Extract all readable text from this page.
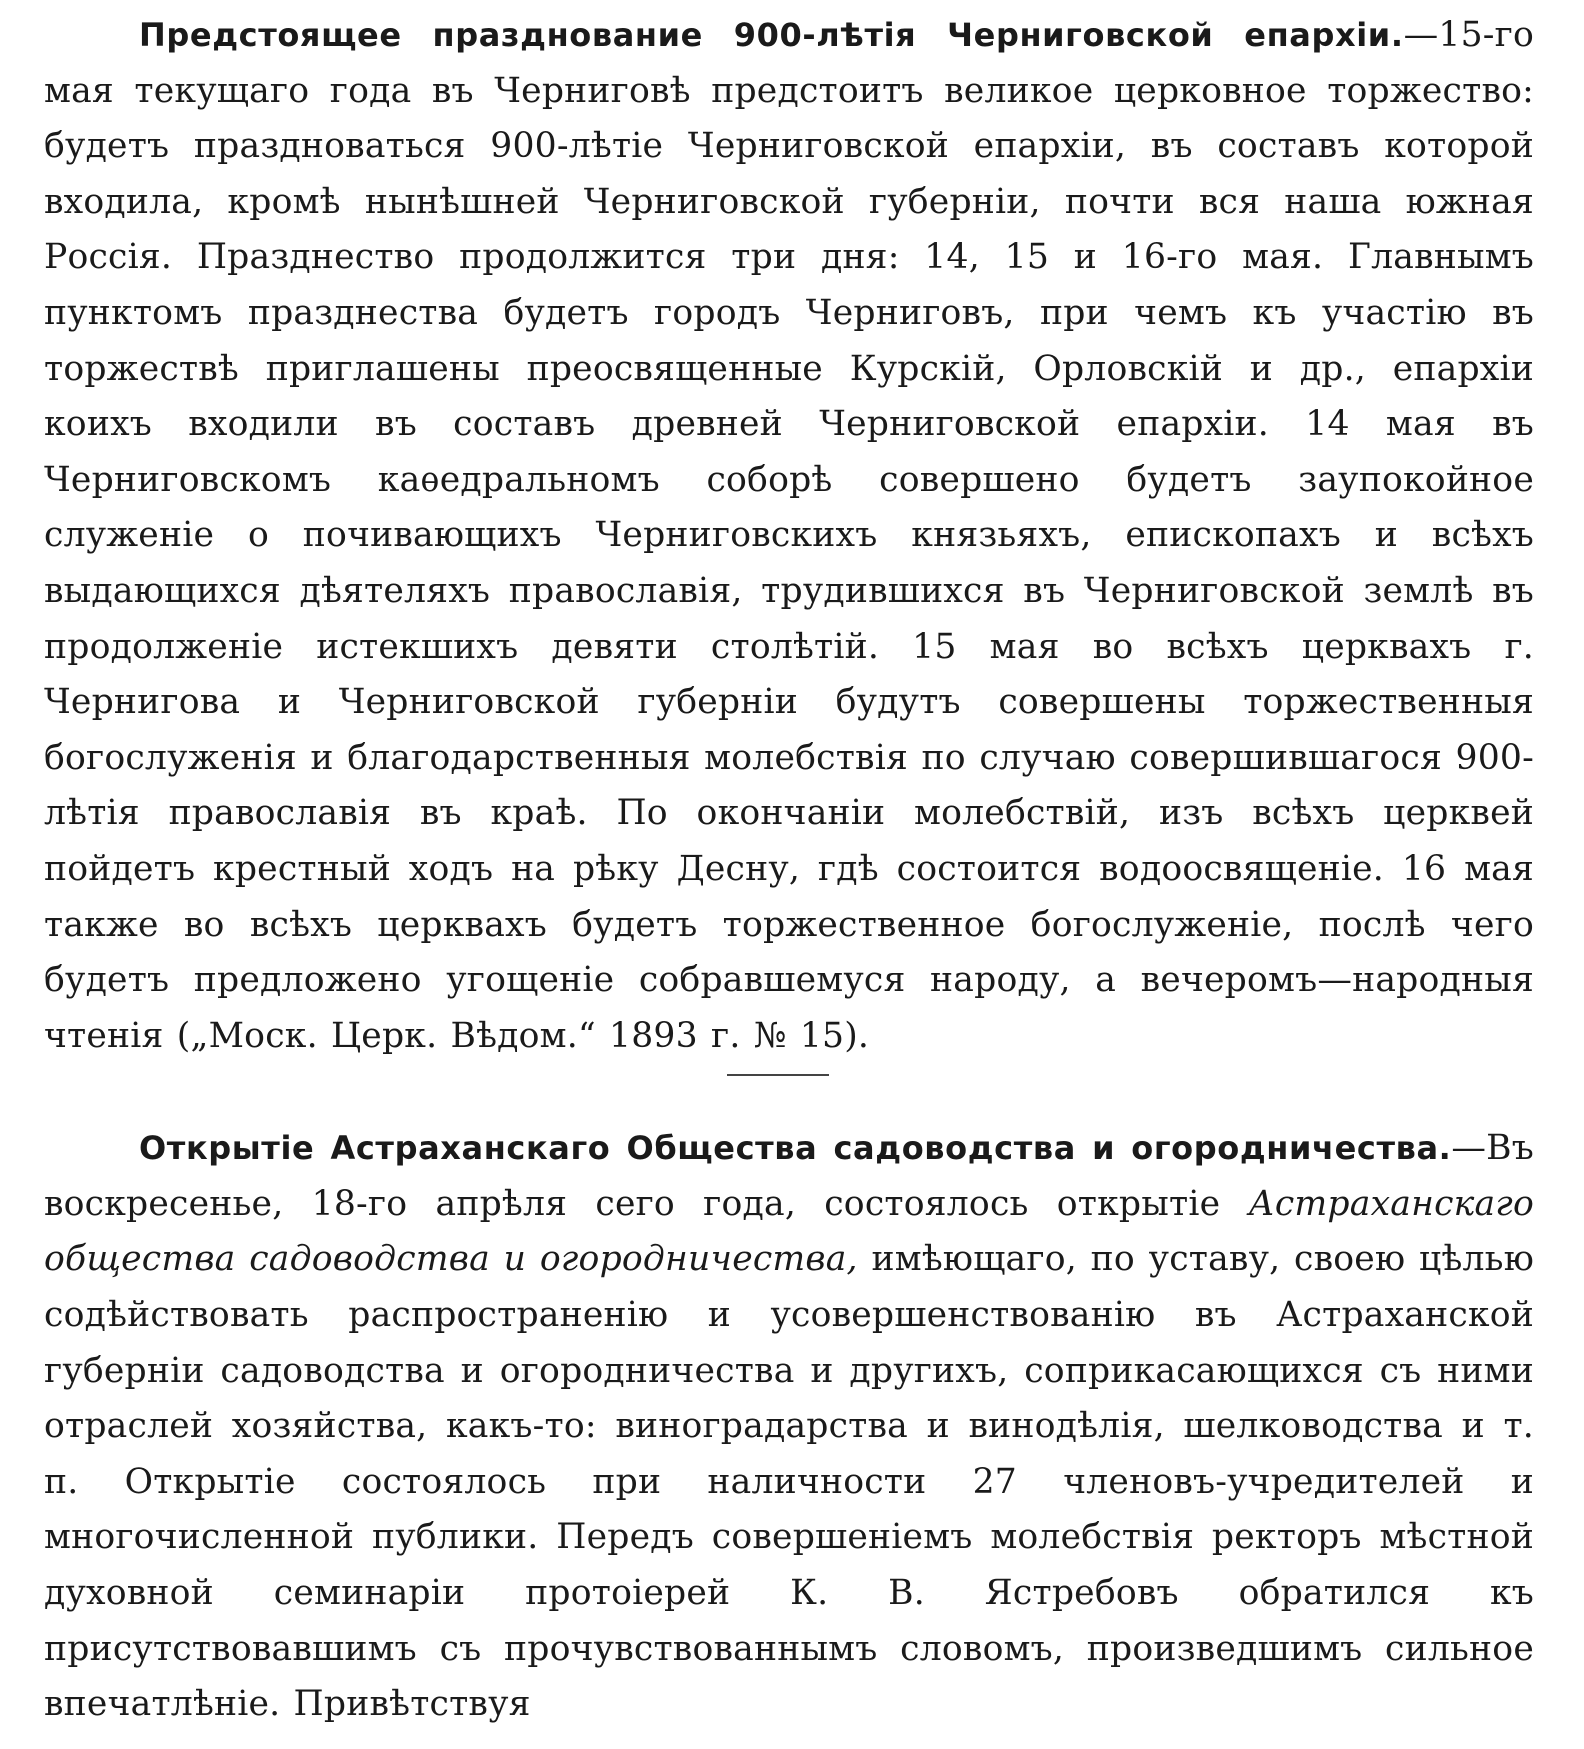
Предстоящее празднование 900-лѣтія Черниговской епархіи.—15-го мая текущаго года въ Черниговѣ предстоитъ великое церковное торжество: будетъ праздноваться 900-лѣтіе Черниговской епархіи, въ составъ которой входила, кромѣ нынѣшней Черниговской губерніи, почти вся наша южная Россія. Празднество продолжится три дня: 14, 15 и 16-го мая. Главнымъ пунктомъ празднества будетъ городъ Черниговъ, при чемъ къ участію въ торжествѣ приглашены преосвященные Курскій, Орловскій и др., епархіи коихъ входили въ составъ древней Черниговской епархіи. 14 мая въ Черниговскомъ каѳедральномъ соборѣ совершено будетъ заупокойное служеніе о почивающихъ Черниговскихъ князьяхъ, епископахъ и всѣхъ выдающихся дѣятеляхъ православія, трудившихся въ Черниговской землѣ въ продолженіе истекшихъ девяти столѣтій. 15 мая во всѣхъ церквахъ г. Чернигова и Черниговской губерніи будутъ совершены торжественныя богослуженія и благодарственныя молебствія по случаю совершившагося 900-лѣтія православія въ краѣ. По окончаніи молебствій, изъ всѣхъ церквей пойдетъ крестный ходъ на рѣку Десну, гдѣ состоится водоосвященіе. 16 мая также во всѣхъ церквахъ будетъ торжественное богослуженіе, послѣ чего будетъ предложено угощеніе собравшемуся народу, а вечеромъ—народныя чтенія („Моск. Церк. Вѣдом.“ 1893 г. № 15).

Открытіе Астраханскаго Общества садоводства и огородничества.—Въ воскресенье, 18-го апрѣля сего года, состоялось открытіе Астраханскаго общества садоводства и огородничества, имѣющаго, по уставу, своею цѣлью содѣйствовать распространенію и усовершенствованію въ Астраханской губерніи садоводства и огородничества и другихъ, соприкасающихся съ ними отраслей хозяйства, какъ-то: виноградарства и винодѣлія, шелководства и т. п. Открытіе состоялось при наличности 27 членовъ-учредителей и многочисленной публики. Передъ совершеніемъ молебствія ректоръ мѣстной духовной семинаріи протоіерей К. В. Ястребовъ обратился къ присутствовавшимъ съ прочувствованнымъ словомъ, произведшимъ сильное впечатлѣніе. Привѣтствуя
